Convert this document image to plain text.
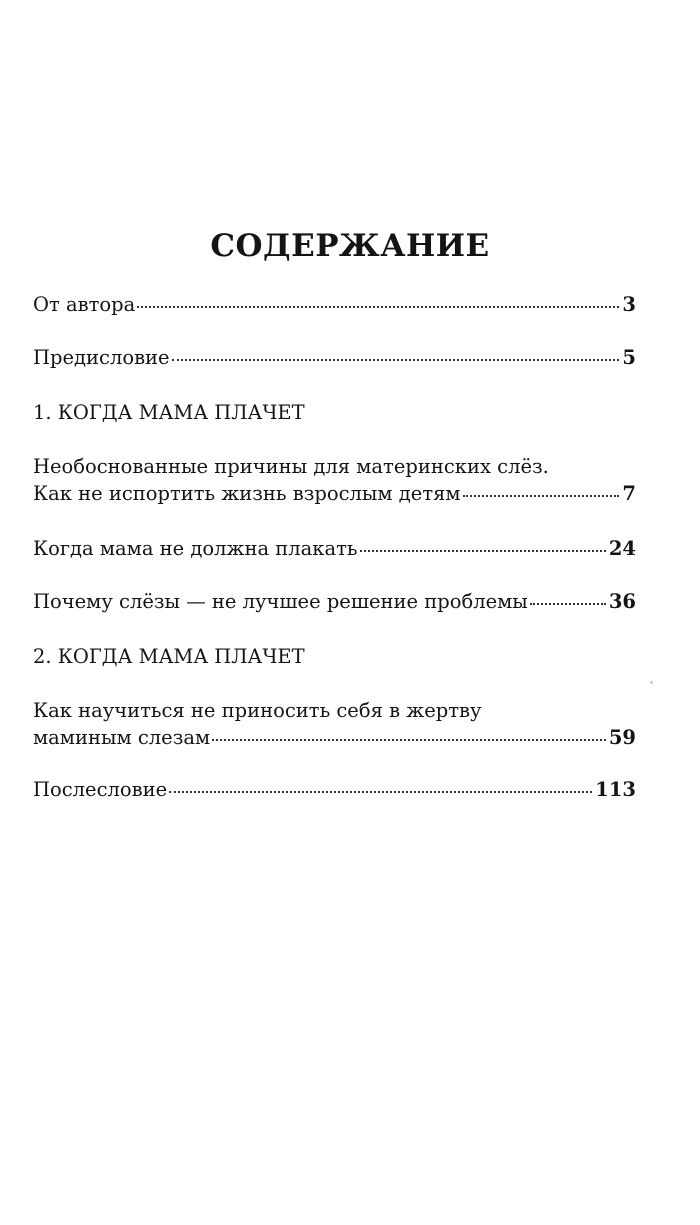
СОДЕРЖАНИЕ
От автора	3
Предисловие	5
1. КОГДА МАМА ПЛАЧЕТ
Необоснованные причины для материнских слёз.
Как не испортить жизнь взрослым детям	7
Когда мама не должна плакать	24
Почему слёзы — не лучшее решение проблемы	36
2. КОГДА МАМА ПЛАЧЕТ
Как научиться не приносить себя в жертву
маминым слезам	59
Послесловие	113
